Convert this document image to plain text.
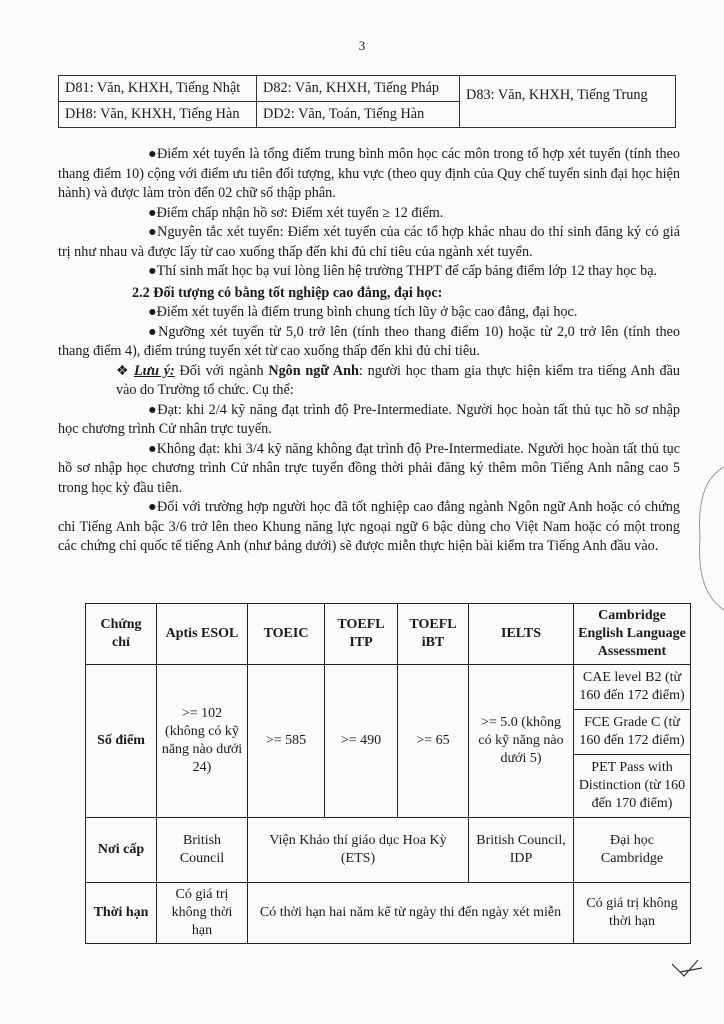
3
D81: Văn, KHXH, Tiếng Nhật	D82: Văn, KHXH, Tiếng Pháp	D83: Văn, KHXH, Tiếng Trung
DH8: Văn, KHXH, Tiếng Hàn	DD2: Văn, Toán, Tiếng Hàn	

●Điểm xét tuyển là tổng điểm trung bình môn học các môn trong tổ hợp xét tuyển (tính theo thang điểm 10) cộng với điểm ưu tiên đối tượng, khu vực (theo quy định của Quy chế tuyển sinh đại học hiện hành) và được làm tròn đến 02 chữ số thập phân.

●Điểm chấp nhận hồ sơ: Điểm xét tuyển ≥ 12 điểm.

●Nguyên tắc xét tuyển: Điểm xét tuyển của các tổ hợp khác nhau do thí sinh đăng ký có giá trị như nhau và được lấy từ cao xuống thấp đến khi đủ chỉ tiêu của ngành xét tuyển.

●Thí sinh mất học bạ vui lòng liên hệ trường THPT để cấp bảng điểm lớp 12 thay học bạ.

2.2 Đối tượng có bằng tốt nghiệp cao đẳng, đại học:

●Điểm xét tuyển là điểm trung bình chung tích lũy ở bậc cao đẳng, đại học.

●Ngưỡng xét tuyển từ 5,0 trở lên (tính theo thang điểm 10) hoặc từ 2,0 trở lên (tính theo thang điểm 4), điểm trúng tuyển xét từ cao xuống thấp đến khi đủ chỉ tiêu.

❖ Lưu ý: Đối với ngành Ngôn ngữ Anh: người học tham gia thực hiện kiểm tra tiếng Anh đầu vào do Trường tổ chức. Cụ thể:

●Đạt: khi 2/4 kỹ năng đạt trình độ Pre-Intermediate. Người học hoàn tất thủ tục hồ sơ nhập học chương trình Cử nhân trực tuyến.

●Không đạt: khi 3/4 kỹ năng không đạt trình độ Pre-Intermediate. Người học hoàn tất thủ tục hồ sơ nhập học chương trình Cử nhân trực tuyến đồng thời phải đăng ký thêm môn Tiếng Anh nâng cao 5 trong học kỳ đầu tiên.

●Đối với trường hợp người học đã tốt nghiệp cao đẳng ngành Ngôn ngữ Anh hoặc có chứng chỉ Tiếng Anh bậc 3/6 trở lên theo Khung năng lực ngoại ngữ 6 bậc dùng cho Việt Nam hoặc có một trong các chứng chỉ quốc tế tiếng Anh (như bảng dưới) sẽ được miễn thực hiện bài kiểm tra Tiếng Anh đầu vào.

Chứng chỉ	Aptis ESOL	TOEIC	TOEFL ITP	TOEFL iBT	IELTS	Cambridge English Language Assessment
Số điểm	>= 102 (không có kỹ năng nào dưới 24)	>= 585	>= 490	>= 65	>= 5.0 (không có kỹ năng nào dưới 5)	CAE level B2 (từ 160 đến 172 điểm)
						FCE Grade C (từ 160 đến 172 điểm)
						PET Pass with Distinction (từ 160 đến 170 điểm)
Nơi cấp	British Council	Viện Khảo thí giáo dục Hoa Kỳ (ETS)			British Council, IDP	Đại học Cambridge
Thời hạn	Có giá trị không thời hạn	Có thời hạn hai năm kể từ ngày thi đến ngày xét miễn				Có giá trị không thời hạn
